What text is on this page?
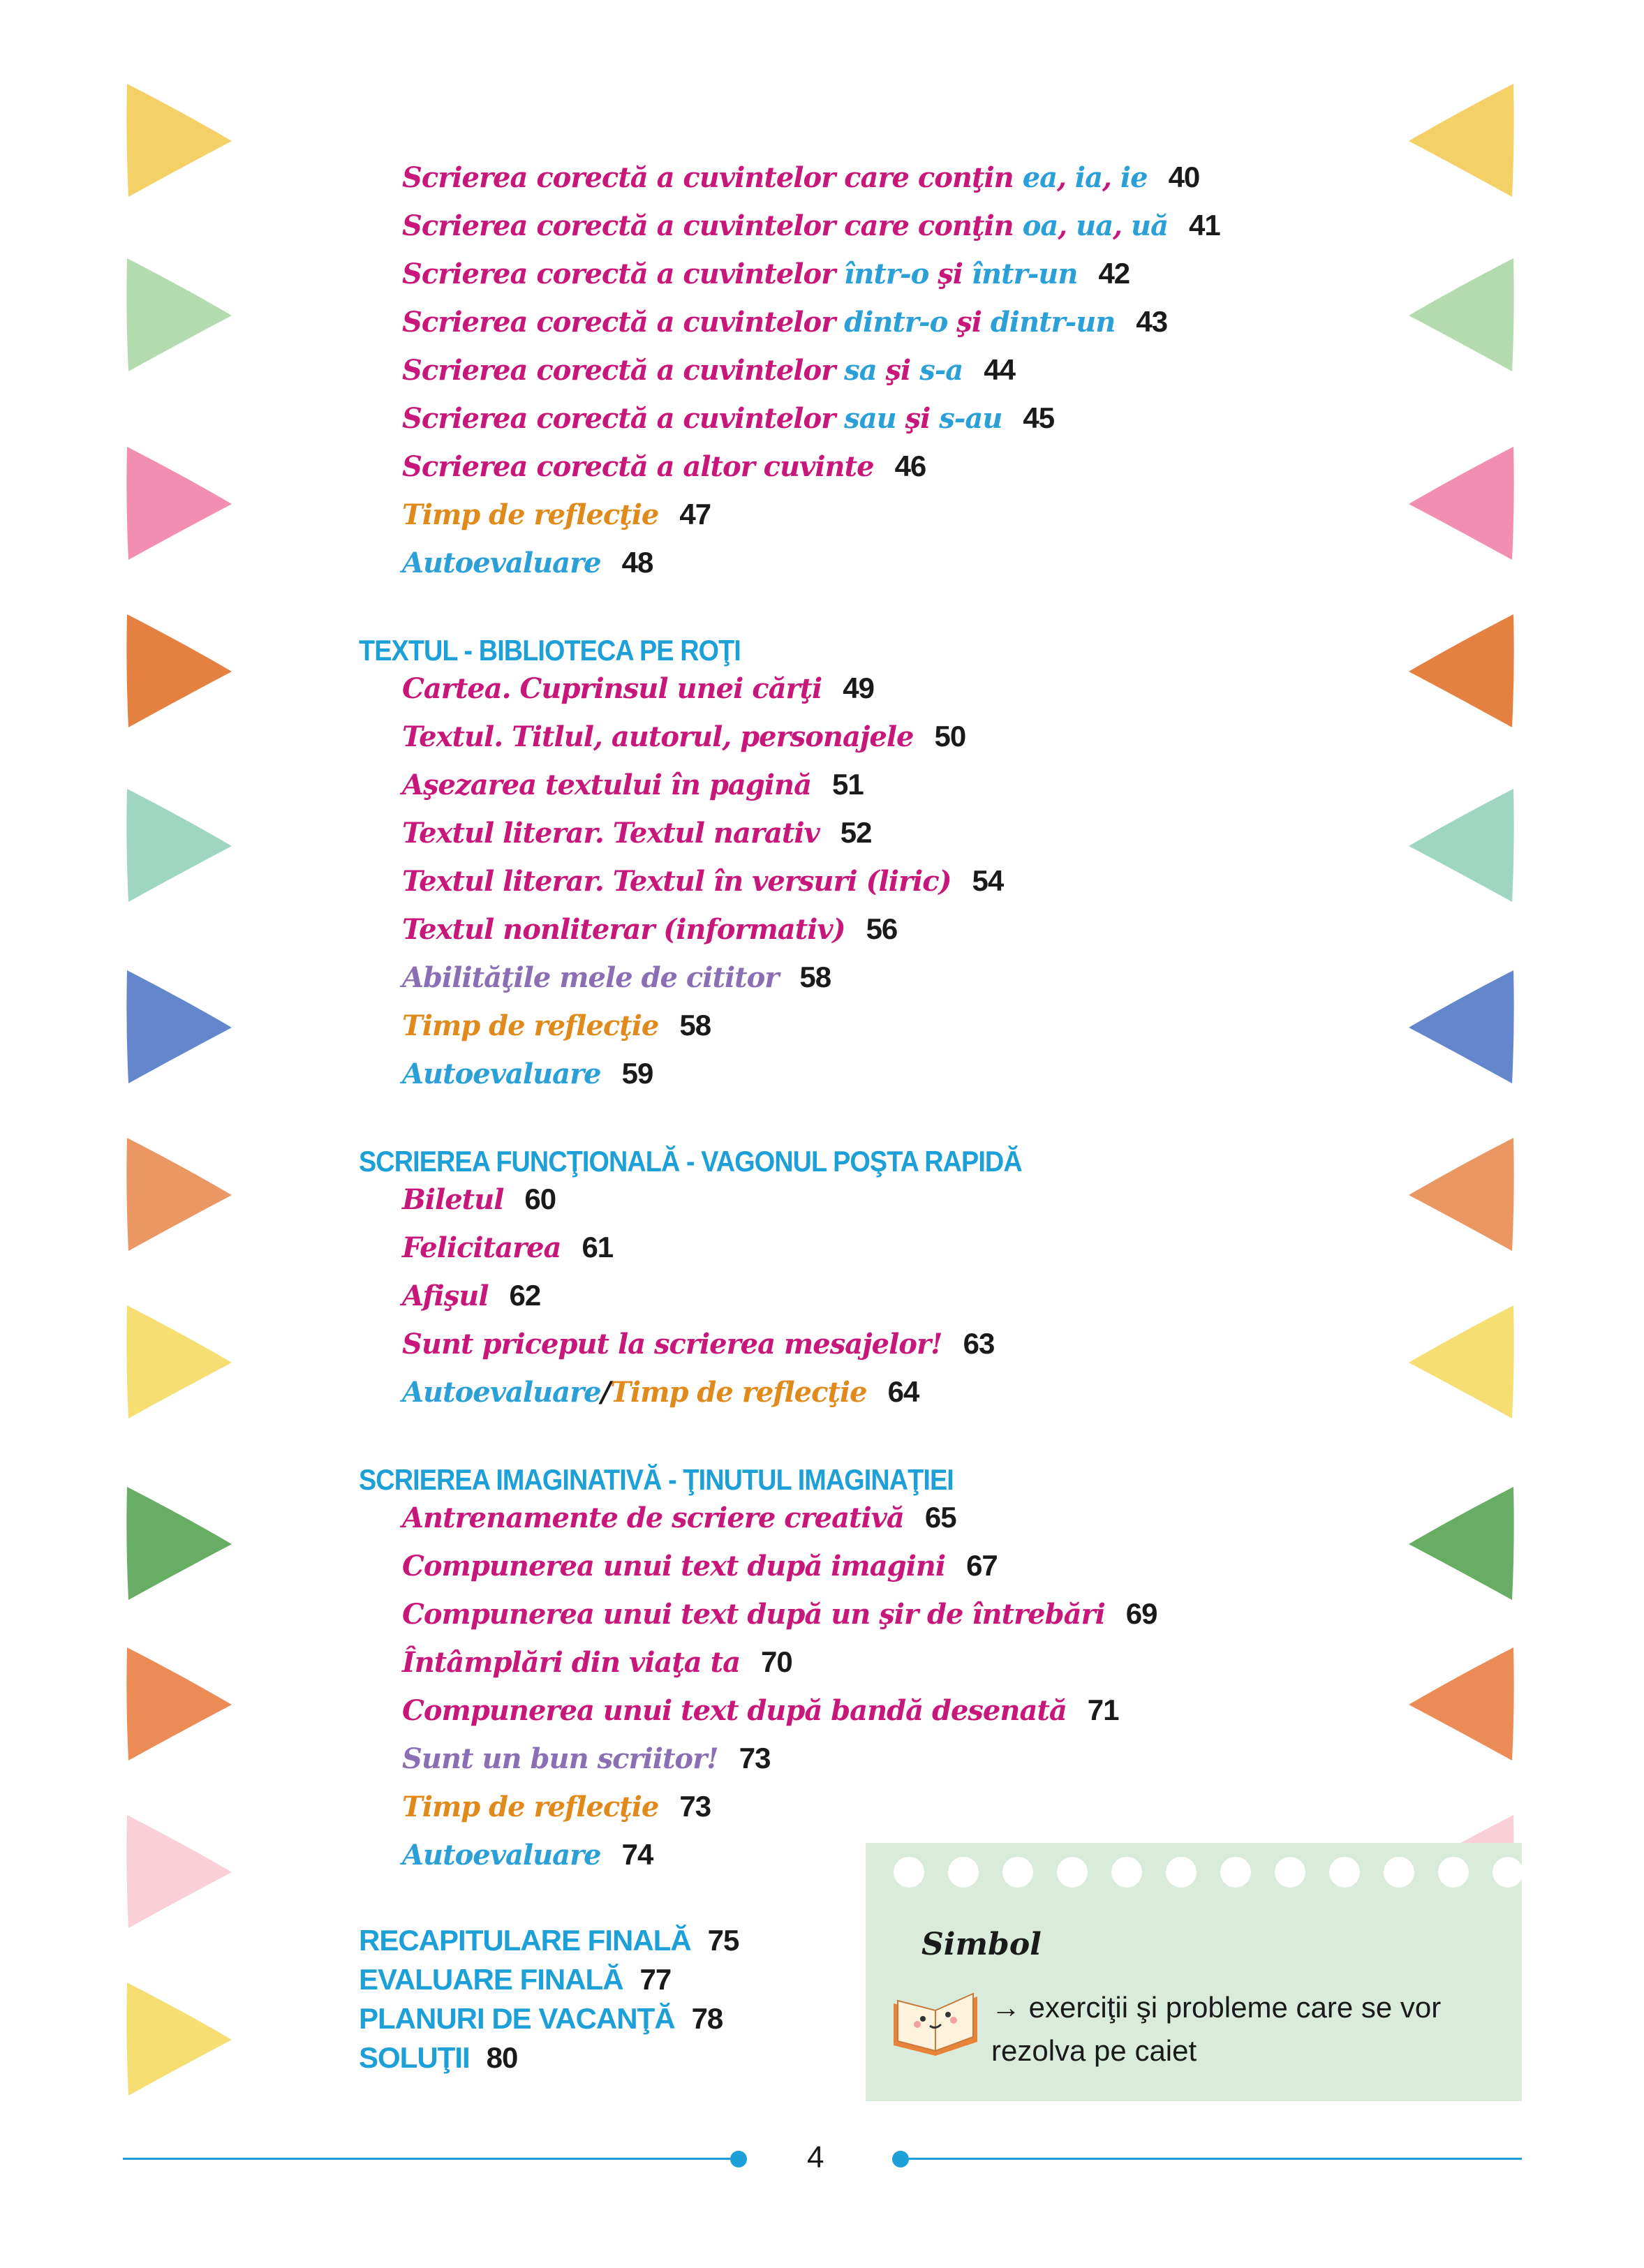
Scrierea corectă a cuvintelor care conţin ea, ia, ie 40
Scrierea corectă a cuvintelor care conţin oa, ua, uă 41
Scrierea corectă a cuvintelor într-o şi într-un 42
Scrierea corectă a cuvintelor dintr-o şi dintr-un 43
Scrierea corectă a cuvintelor sa şi s-a 44
Scrierea corectă a cuvintelor sau şi s-au 45
Scrierea corectă a altor cuvinte 46
Timp de reflecţie 47
Autoevaluare 48
TEXTUL - BIBLIOTECA PE ROŢI
Cartea. Cuprinsul unei cărţi 49
Textul. Titlul, autorul, personajele 50
Aşezarea textului în pagină 51
Textul literar. Textul narativ 52
Textul literar. Textul în versuri (liric) 54
Textul nonliterar (informativ) 56
Abilităţile mele de cititor 58
Timp de reflecţie 58
Autoevaluare 59
SCRIEREA FUNCŢIONALĂ - VAGONUL POŞTA RAPIDĂ
Biletul 60
Felicitarea 61
Afişul 62
Sunt priceput la scrierea mesajelor! 63
Autoevaluare/Timp de reflecţie 64
SCRIEREA IMAGINATIVĂ - ŢINUTUL IMAGINAŢIEI
Antrenamente de scriere creativă 65
Compunerea unui text după imagini 67
Compunerea unui text după un şir de întrebări 69
Întâmplări din viaţa ta 70
Compunerea unui text după bandă desenată 71
Sunt un bun scriitor! 73
Timp de reflecţie 73
Autoevaluare 74
RECAPITULARE FINALĂ 75
EVALUARE FINALĂ 77
PLANURI DE VACANŢĂ 78
SOLUŢII 80
Simbol
→ exerciţii şi probleme care se vor rezolva pe caiet
4
